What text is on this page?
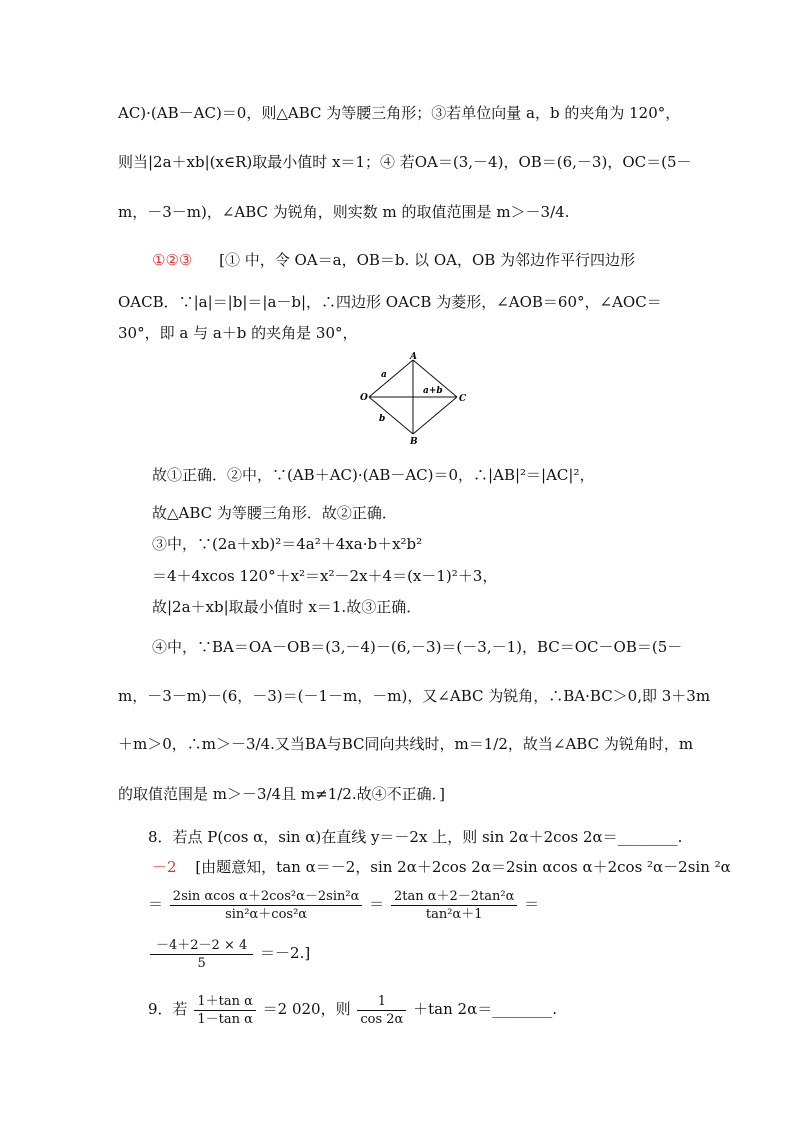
AC)·(AB－AC)＝0，则△ABC 为等腰三角形；③若单位向量 a，b 的夹角为 120°，
则当|2a＋xb|(x∈R)取最小值时 x＝1；④ 若OA＝(3,－4)，OB＝(6,－3)，OC＝(5－
m，－3－m)，∠ABC 为锐角，则实数 m 的取值范围是 m＞－3/4.
①②③ [① 中，令 OA＝a，OB＝b. 以 OA，OB 为邻边作平行四边形
OACB．∵|a|＝|b|＝|a－b|，∴四边形 OACB 为菱形，∠AOB＝60°，∠AOC＝
30°，即 a 与 a＋b 的夹角是 30°，
A
O	C
B
a
b
a+b
故①正确．②中，∵(AB＋AC)·(AB－AC)＝0，∴|AB|²＝|AC|²，
故△ABC 为等腰三角形．故②正确．
③中，∵(2a＋xb)²＝4a²＋4xa·b＋x²b²
＝4＋4xcos 120°＋x²＝x²－2x＋4＝(x－1)²＋3，
故|2a＋xb|取最小值时 x＝1.故③正确．
④中，∵BA＝OA－OB＝(3,－4)－(6,－3)＝(－3,－1)，BC＝OC－OB＝(5－
m，－3－m)－(6，－3)＝(－1－m，－m)，又∠ABC 为锐角，∴BA·BC＞0,即 3＋3m
＋m＞0，∴m＞－3/4.又当BA与BC同向共线时，m＝1/2，故当∠ABC 为锐角时，m
的取值范围是 m＞－3/4且 m≠1/2.故④不正确．]
8．若点 P(cos α，sin α)在直线 y＝－2x 上，则 sin 2α＋2cos 2α＝________.
－2 [由题意知，tan α＝－2，sin 2α＋2cos 2α＝2sin αcos α＋2cos ²α－2sin ²α
＝ $\frac{\text{2sin αcos α＋2cos²α－2sin²α}}{\text{sin²α＋cos²α}} = \frac{\text{2tan α＋2－2tan²α}}{\text{tan²α＋1}}$ ＝
$\frac{-4+2-2 \times 4}{5} =-2$.]
9．若 $\frac{\text{1＋tan α}}{\text{1－tan α}} =2$ 020，则 $\frac{1}{\cos 2\alpha} +\tan$ 2α＝________.
